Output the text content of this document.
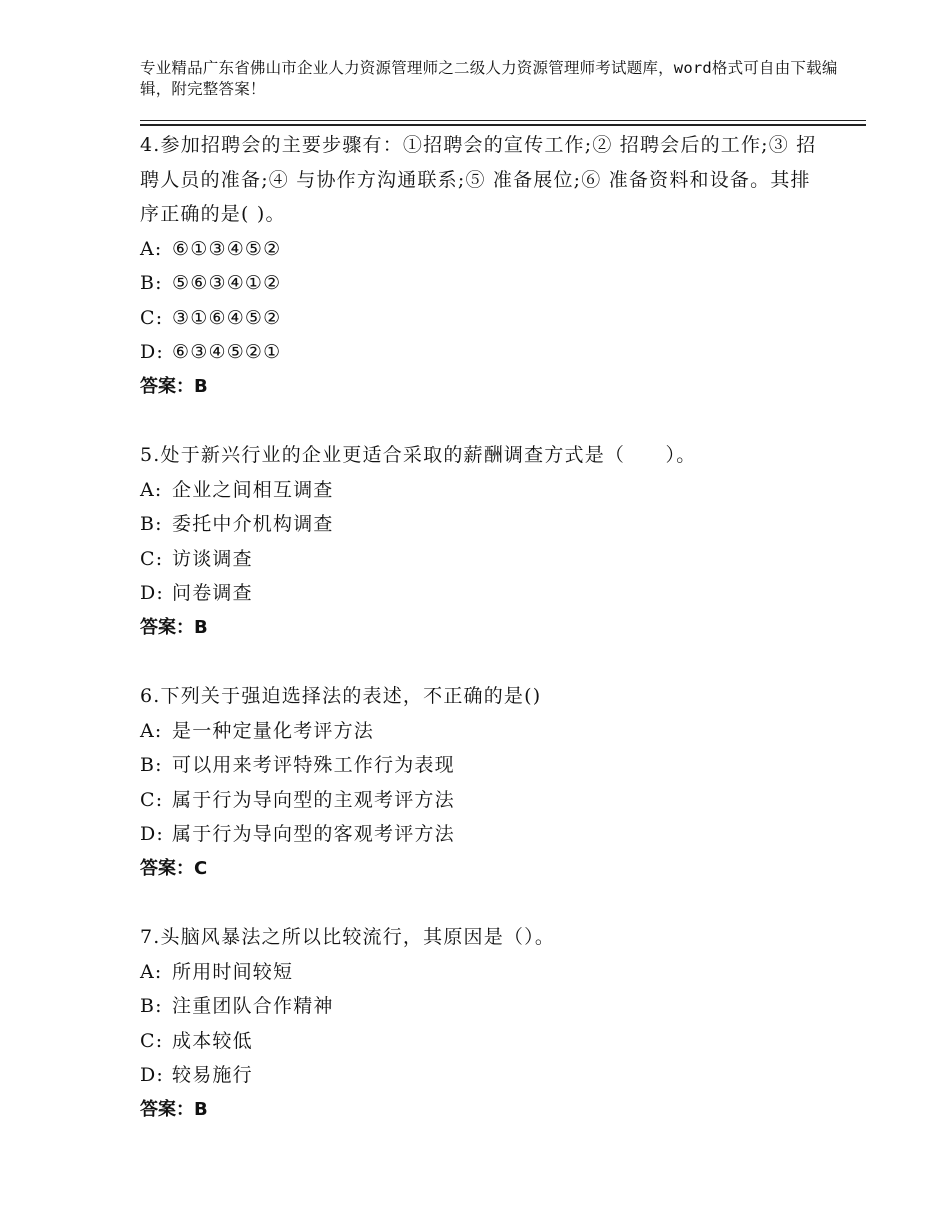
专业精品广东省佛山市企业人力资源管理师之二级人力资源管理师考试题库，word格式可自由下载编辑，附完整答案！

4.参加招聘会的主要步骤有：①招聘会的宣传工作;② 招聘会后的工作;③ 招聘人员的准备;④ 与协作方沟通联系;⑤ 准备展位;⑥ 准备资料和设备。其排序正确的是( )。

A: ⑥①③④⑤②

B: ⑤⑥③④①②

C: ③①⑥④⑤②

D: ⑥③④⑤②①

答案：B

5.处于新兴行业的企业更适合采取的薪酬调查方式是（　　）。

A: 企业之间相互调查

B: 委托中介机构调查

C: 访谈调查

D: 问卷调查

答案：B

6.下列关于强迫选择法的表述，不正确的是()

A: 是一种定量化考评方法

B: 可以用来考评特殊工作行为表现

C: 属于行为导向型的主观考评方法

D: 属于行为导向型的客观考评方法

答案：C

7.头脑风暴法之所以比较流行，其原因是（）。

A: 所用时间较短

B: 注重团队合作精神

C: 成本较低

D: 较易施行

答案：B
